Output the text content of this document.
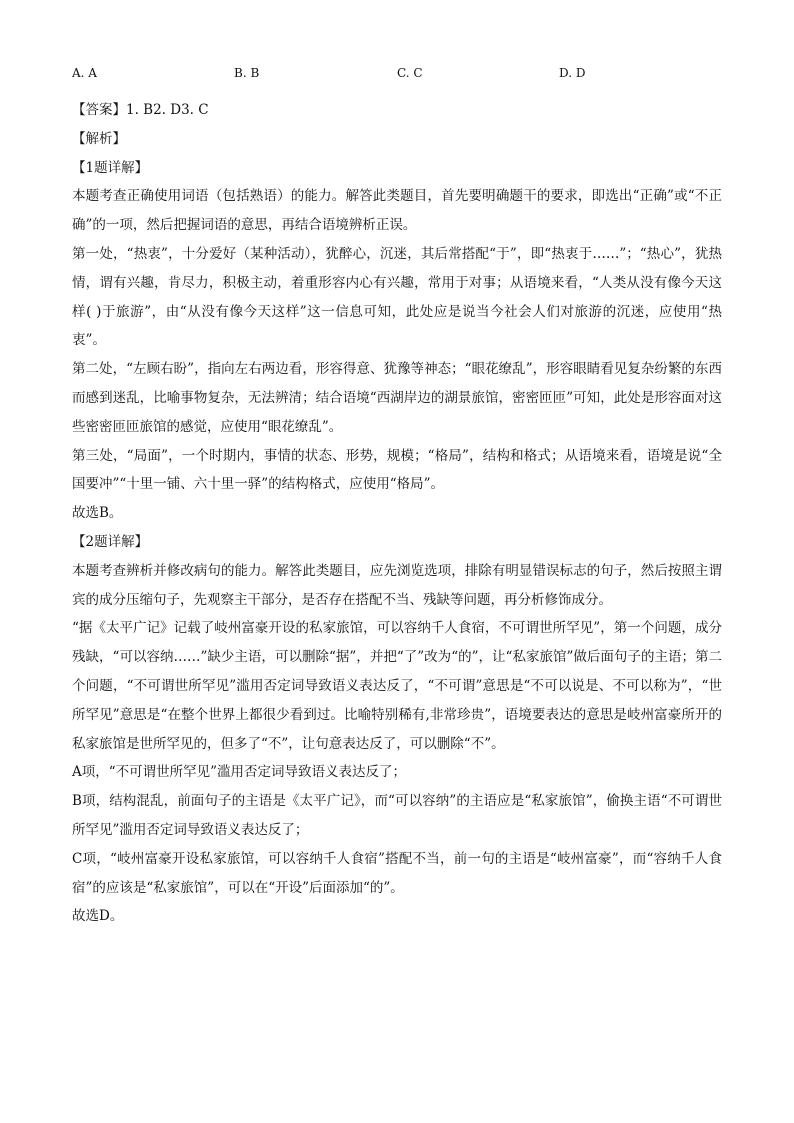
A. A	B. B	C. C	D. D

【答案】1. B2. D3. C

【解析】

【1题详解】

本题考查正确使用词语（包括熟语）的能力。解答此类题目，首先要明确题干的要求，即选出“正确”或“不正确”的一项，然后把握词语的意思，再结合语境辨析正误。

第一处，“热衷”，十分爱好（某种活动），犹醉心，沉迷，其后常搭配“于”，即“热衷于……”；“热心”，犹热情，谓有兴趣，肯尽力，积极主动，着重形容内心有兴趣，常用于对事；从语境来看，“人类从没有像今天这样( )于旅游”，由“从没有像今天这样”这一信息可知，此处应是说当今社会人们对旅游的沉迷，应使用“热衷”。

第二处，“左顾右盼”，指向左右两边看，形容得意、犹豫等神态；“眼花缭乱”，形容眼睛看见复杂纷繁的东西而感到迷乱，比喻事物复杂，无法辨清；结合语境“西湖岸边的湖景旅馆，密密匝匝”可知，此处是形容面对这些密密匝匝旅馆的感觉，应使用“眼花缭乱”。

第三处，“局面”，一个时期内，事情的状态、形势，规模；“格局”，结构和格式；从语境来看，语境是说“全国要冲”“十里一铺、六十里一驿”的结构格式，应使用“格局”。

故选B。

【2题详解】

本题考查辨析并修改病句的能力。解答此类题目，应先浏览选项，排除有明显错误标志的句子，然后按照主谓宾的成分压缩句子，先观察主干部分，是否存在搭配不当、残缺等问题，再分析修饰成分。

“据《太平广记》记载了岐州富豪开设的私家旅馆，可以容纳千人食宿，不可谓世所罕见”，第一个问题，成分残缺，“可以容纳……”缺少主语，可以删除“据”，并把“了”改为“的”，让“私家旅馆”做后面句子的主语；第二个问题，“不可谓世所罕见”滥用否定词导致语义表达反了，“不可谓”意思是“不可以说是、不可以称为”，“世所罕见”意思是“在整个世界上都很少看到过。比喻特别稀有,非常珍贵”，语境要表达的意思是岐州富豪所开的私家旅馆是世所罕见的，但多了“不”，让句意表达反了，可以删除“不”。

A项，“不可谓世所罕见”滥用否定词导致语义表达反了；

B项，结构混乱，前面句子的主语是《太平广记》，而“可以容纳”的主语应是“私家旅馆”，偷换主语“不可谓世所罕见”滥用否定词导致语义表达反了；

C项，“岐州富豪开设私家旅馆，可以容纳千人食宿”搭配不当，前一句的主语是“岐州富豪”，而“容纳千人食宿”的应该是“私家旅馆”，可以在“开设”后面添加“的”。

故选D。
